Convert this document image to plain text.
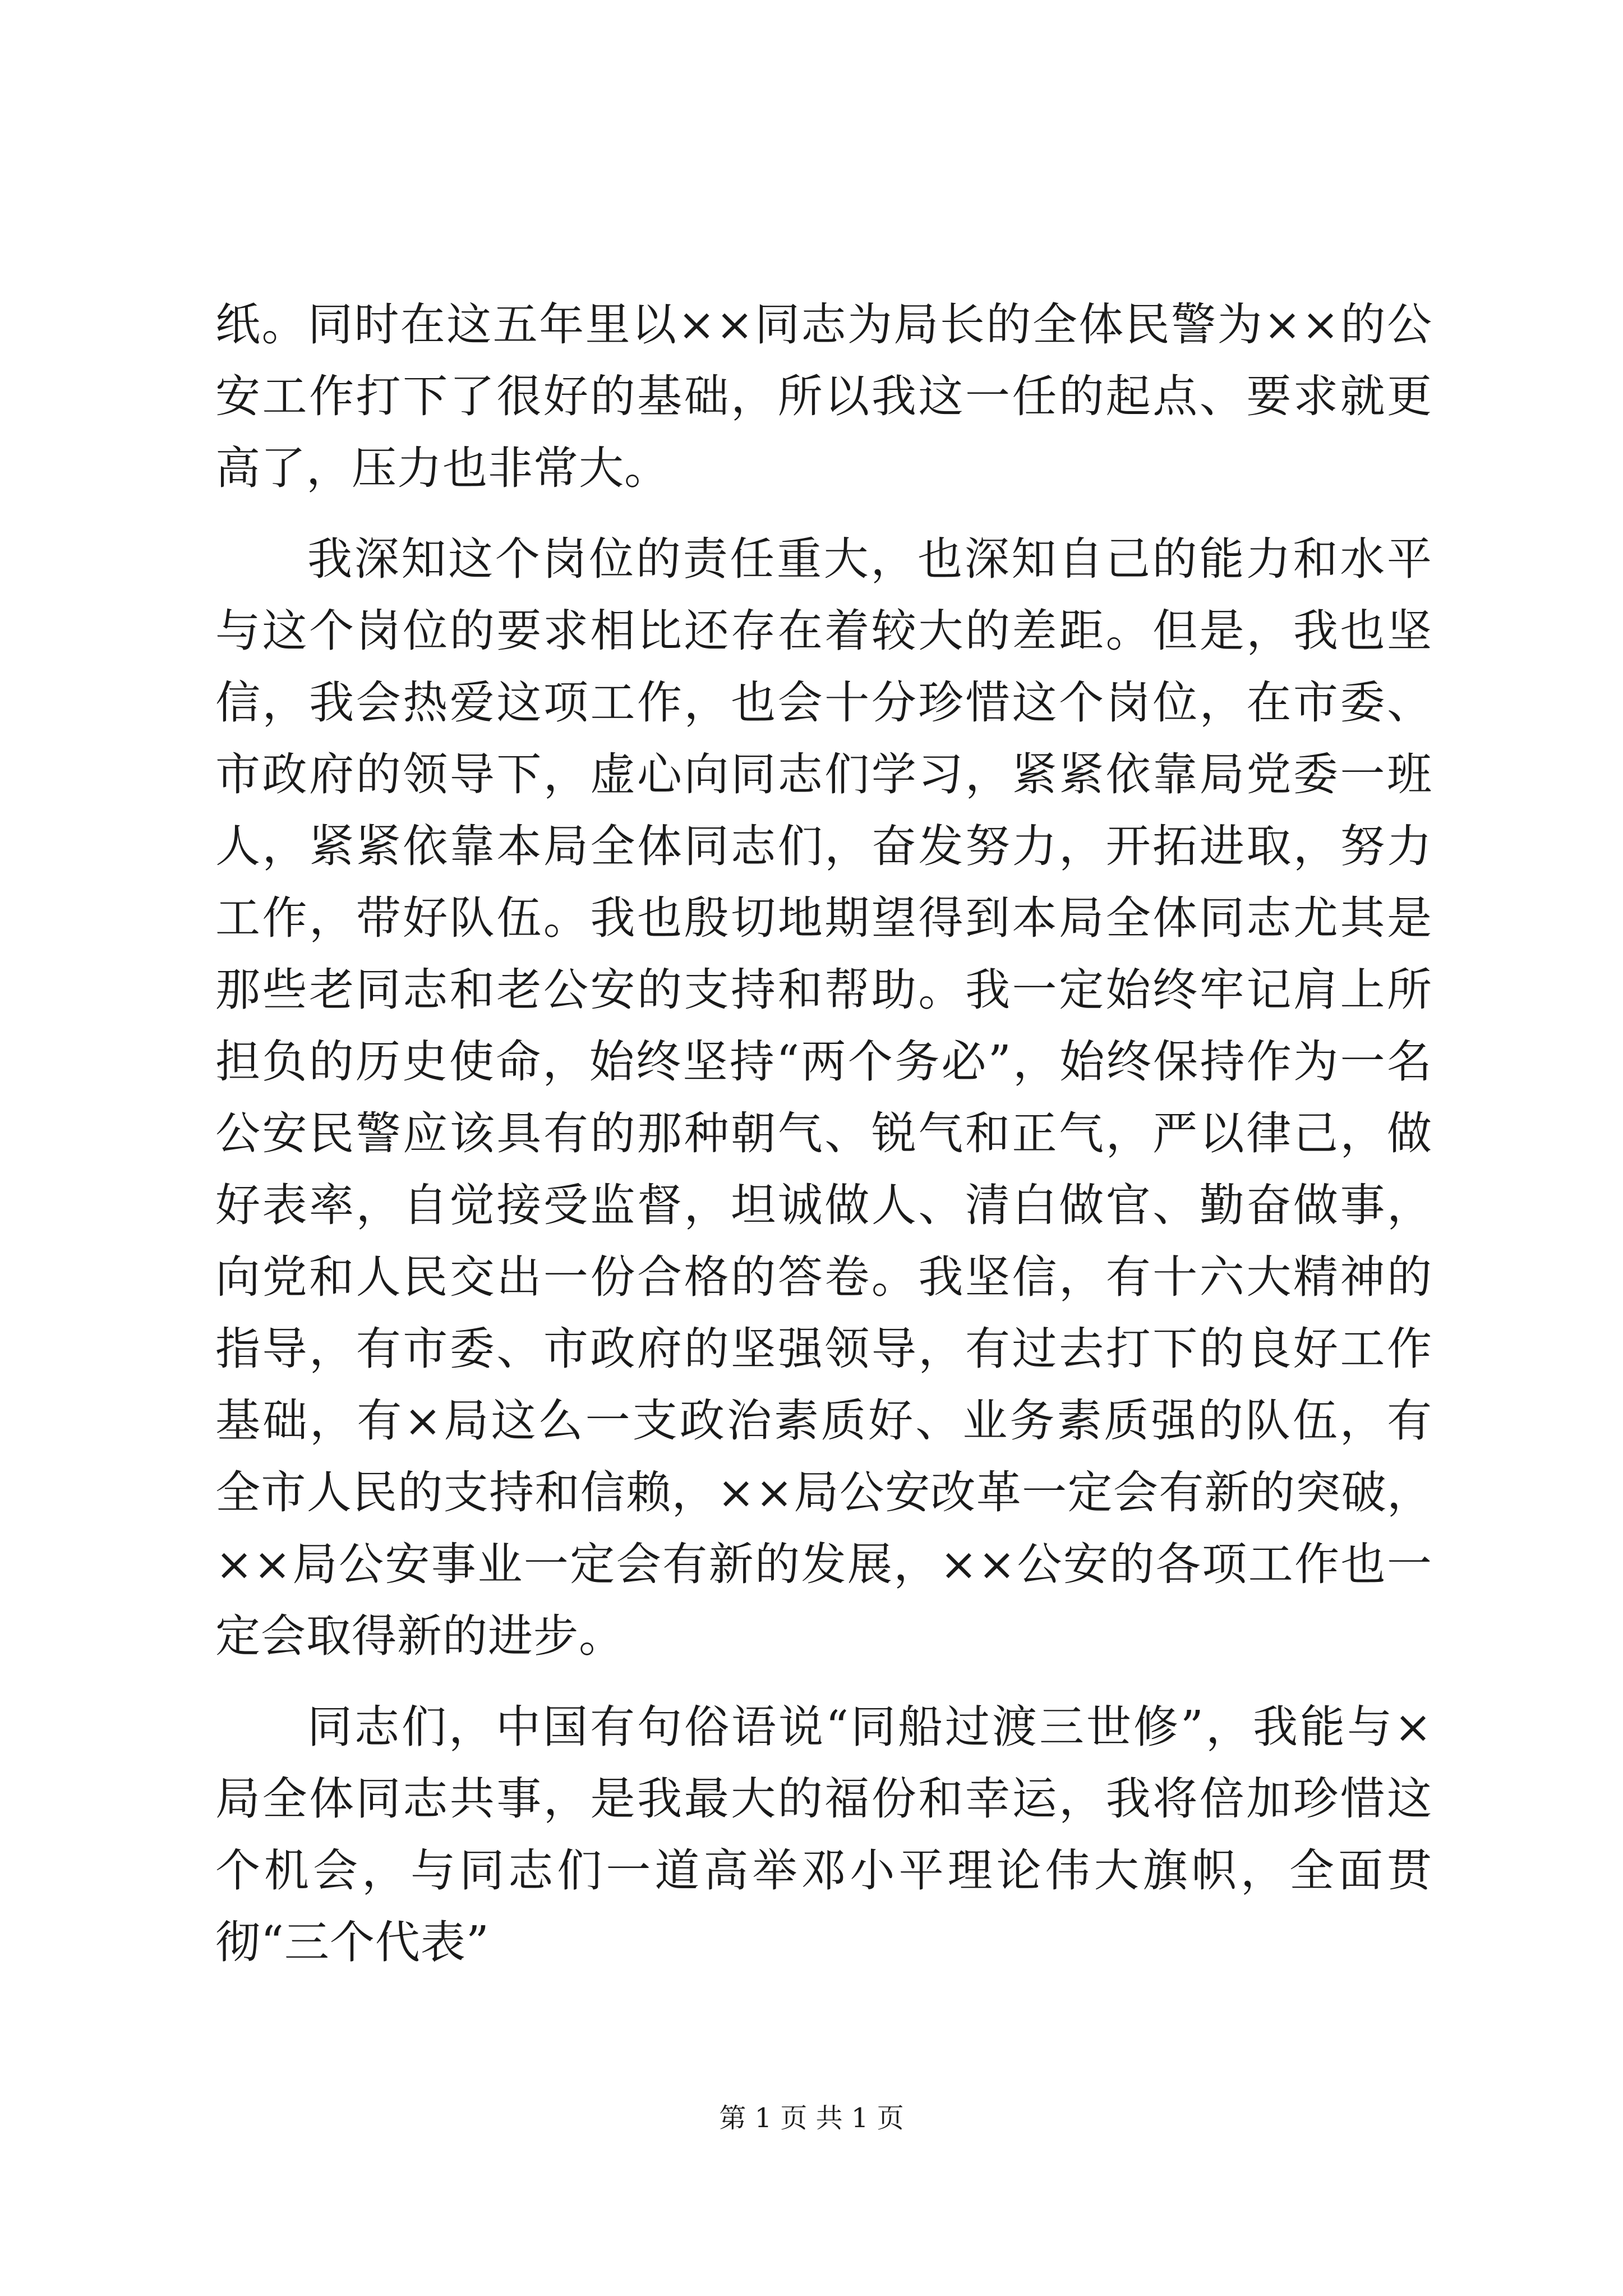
纸。同时在这五年里以××同志为局长的全体民警为××的公安工作打下了很好的基础，所以我这一任的起点、要求就更高了，压力也非常大。

我深知这个岗位的责任重大，也深知自己的能力和水平与这个岗位的要求相比还存在着较大的差距。但是，我也坚信，我会热爱这项工作，也会十分珍惜这个岗位，在市委、市政府的领导下，虚心向同志们学习，紧紧依靠局党委一班人，紧紧依靠本局全体同志们，奋发努力，开拓进取，努力工作，带好队伍。我也殷切地期望得到本局全体同志尤其是那些老同志和老公安的支持和帮助。我一定始终牢记肩上所担负的历史使命，始终坚持“两个务必”，始终保持作为一名公安民警应该具有的那种朝气、锐气和正气，严以律己，做好表率，自觉接受监督，坦诚做人、清白做官、勤奋做事，向党和人民交出一份合格的答卷。我坚信，有十六大精神的指导，有市委、市政府的坚强领导，有过去打下的良好工作基础，有×局这么一支政治素质好、业务素质强的队伍，有全市人民的支持和信赖，××局公安改革一定会有新的突破，××局公安事业一定会有新的发展，××公安的各项工作也一定会取得新的进步。

同志们，中国有句俗语说“同船过渡三世修”，我能与×局全体同志共事，是我最大的福份和幸运，我将倍加珍惜这个机会，与同志们一道高举邓小平理论伟大旗帜，全面贯彻“三个代表”

第 1 页 共 1 页
